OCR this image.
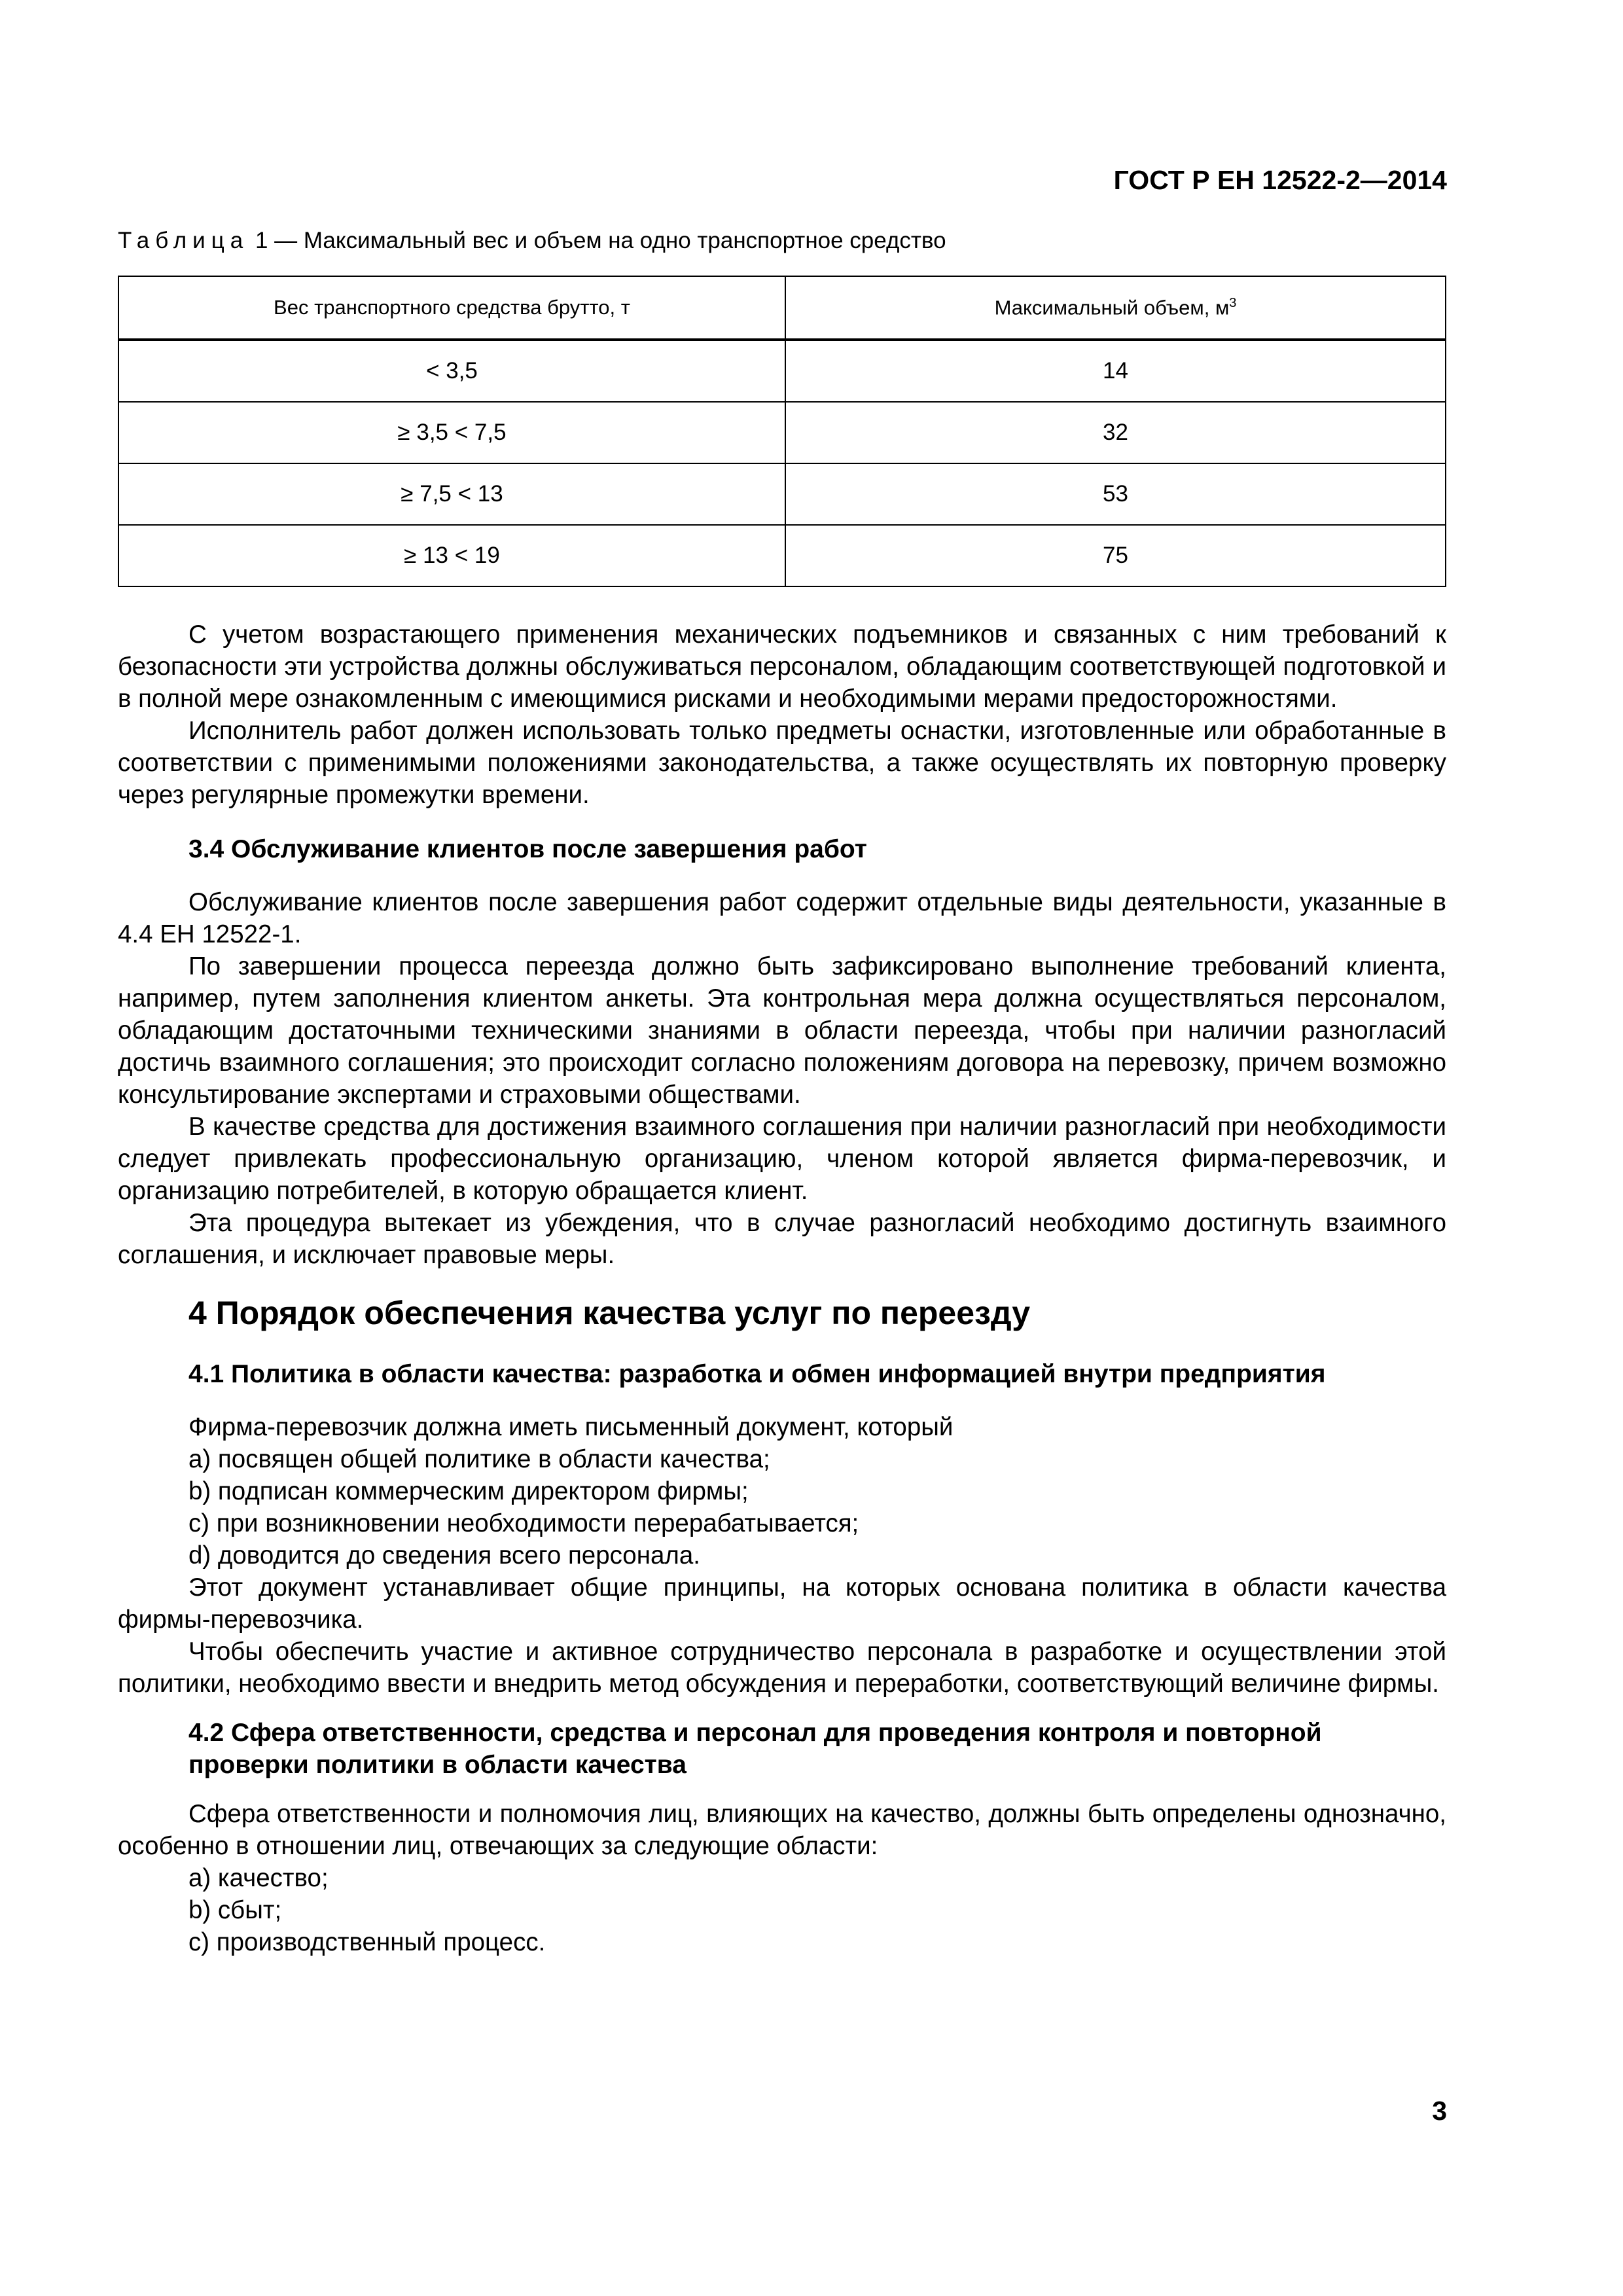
ГОСТ Р ЕН 12522-2—2014
Таблица 1 — Максимальный вес и объем на одно транспортное средство
Вес транспортного средства брутто, т	Максимальный объем, $м^3$
< 3,5	14
≥ 3,5 < 7,5	32
≥ 7,5 < 13	53
≥ 13 < 19	75

С учетом возрастающего применения механических подъемников и связанных с ним требований к безопасности эти устройства должны обслуживаться персоналом, обладающим соответствующей подготовкой и в полной мере ознакомленным с имеющимися рисками и необходимыми мерами предосторожностями.

Исполнитель работ должен использовать только предметы оснастки, изготовленные или обработанные в соответствии с применимыми положениями законодательства, а также осуществлять их повторную проверку через регулярные промежутки времени.

3.4 Обслуживание клиентов после завершения работ

Обслуживание клиентов после завершения работ содержит отдельные виды деятельности, указанные в 4.4 ЕН 12522-1.

По завершении процесса переезда должно быть зафиксировано выполнение требований клиента, например, путем заполнения клиентом анкеты. Эта контрольная мера должна осуществляться персоналом, обладающим достаточными техническими знаниями в области переезда, чтобы при наличии разногласий достичь взаимного соглашения; это происходит согласно положениям договора на перевозку, причем возможно консультирование экспертами и страховыми обществами.

В качестве средства для достижения взаимного соглашения при наличии разногласий при необходимости следует привлекать профессиональную организацию, членом которой является фирма-перевозчик, и организацию потребителей, в которую обращается клиент.

Эта процедура вытекает из убеждения, что в случае разногласий необходимо достигнуть взаимного соглашения, и исключает правовые меры.

4 Порядок обеспечения качества услуг по переезду

4.1 Политика в области качества: разработка и обмен информацией внутри предприятия

Фирма-перевозчик должна иметь письменный документ, который

a) посвящен общей политике в области качества;

b) подписан коммерческим директором фирмы;

c) при возникновении необходимости перерабатывается;

d) доводится до сведения всего персонала.

Этот документ устанавливает общие принципы, на которых основана политика в области качества фирмы-перевозчика.

Чтобы обеспечить участие и активное сотрудничество персонала в разработке и осуществлении этой политики, необходимо ввести и внедрить метод обсуждения и переработки, соответствующий величине фирмы.

4.2 Сфера ответственности, средства и персонал для проведения контроля и повторной проверки политики в области качества

Сфера ответственности и полномочия лиц, влияющих на качество, должны быть определены однозначно, особенно в отношении лиц, отвечающих за следующие области:

a) качество;

b) сбыт;

c) производственный процесс.

3
